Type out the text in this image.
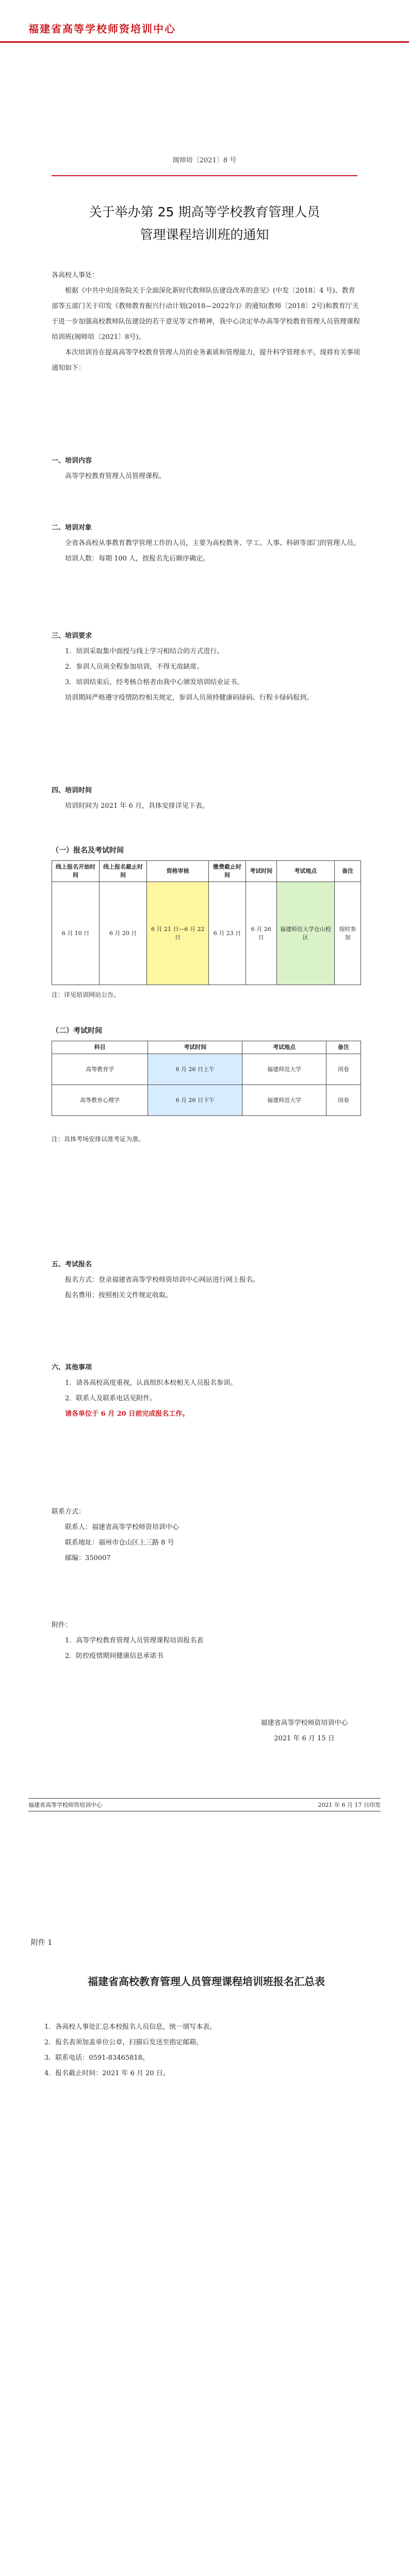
福建省高等学校师资培训中心
闽师培〔2021〕8 号
关于举办第 25 期高等学校教育管理人员
管理课程培训班的通知

各高校人事处：

根据《中共中央国务院关于全面深化新时代教师队伍建设改革的意见》(中发〔2018〕4 号)、教育部等五部门关于印发《教师教育振兴行动计划(2018—2022年)》的通知(教师〔2018〕2号)和教育厅关于进一步加强高校教师队伍建设的若干意见等文件精神，我中心决定举办高等学校教育管理人员管理课程培训班(闽师培〔2021〕8号)。

本次培训旨在提高高等学校教育管理人员的业务素质和管理能力，提升科学管理水平。现将有关事项通知如下：

一、培训内容

高等学校教育管理人员管理课程。

二、培训对象

全省各高校从事教育教学管理工作的人员，主要为高校教务、学工、人事、科研等部门的管理人员。

培训人数：每期 100 人，按报名先后顺序确定。

三、培训要求

1．培训采取集中面授与线上学习相结合的方式进行。

2．参训人员须全程参加培训，不得无故缺席。

3．培训结束后，经考核合格者由我中心颁发培训结业证书。

培训期间严格遵守疫情防控相关规定，参训人员须持健康码绿码、行程卡绿码报到。

四、培训时间

培训时间为 2021 年 6 月，具体安排详见下表。

（一）报名及考试时间
线上报名开始时间	线上报名截止时间	资格审核	缴费截止时间	考试时间	考试地点	备注
6 月 10 日	6 月 20 日	6 月 21 日—6 月 22 日	6 月 23 日	6 月 26 日	福建师范大学仓山校区	按时参加

注：详见培训网站公告。

（二）考试时间
科目	考试时间	考试地点	备注
高等教育学	6 月 26 日上午	福建师范大学	闭卷
高等教育心理学	6 月 26 日下午	福建师范大学	闭卷

注：具体考场安排以准考证为准。

五、考试报名

报名方式：登录福建省高等学校师资培训中心网站进行网上报名。

报名费用：按照相关文件规定收取。

六、其他事项

1．请各高校高度重视，认真组织本校相关人员报名参训。

2．联系人及联系电话见附件。

请各单位于 6 月 20 日前完成报名工作。

联系方式：

联系人：福建省高等学校师资培训中心

联系地址：福州市仓山区上三路 8 号

邮编：350007

附件：

1．高等学校教育管理人员管理课程培训报名表

2．防控疫情期间健康信息承诺书

福建省高等学校师资培训中心
2021 年 6 月 15 日
福建省高等学校师资培训中心	2021 年 6 月 17 日印发
附件 1
福建省高校教育管理人员管理课程培训班报名汇总表

1．各高校人事处汇总本校报名人员信息，统一填写本表。

2．报名表须加盖单位公章，扫描后发送至指定邮箱。

3．联系电话：0591-83465818。

4．报名截止时间：2021 年 6 月 20 日。
